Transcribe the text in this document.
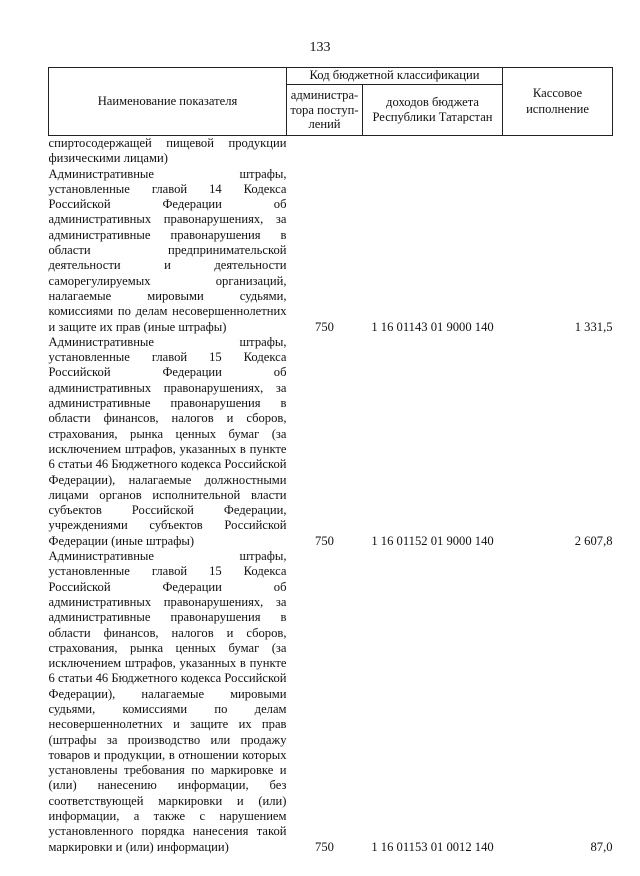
133
Наименование показателя	Код бюджетной классификации		Кассовое исполнение
	администра-тора поступ-лений	доходов бюджета Республики Татарстан	
спиртосодержащей пищевой продукции физическими лицами)			
Административные штрафы, установленные главой 14 Кодекса Российской Федерации об административных правонарушениях, за административные правонарушения в области предпринимательской деятельности и деятельности саморегулируемых организаций, налагаемые мировыми судьями, комиссиями по делам несовершеннолетних и защите их прав (иные штрафы)	750	1 16 01143 01 9000 140	1 331,5
Административные штрафы, установленные главой 15 Кодекса Российской Федерации об административных правонарушениях, за административные правонарушения в области финансов, налогов и сборов, страхования, рынка ценных бумаг (за исключением штрафов, указанных в пункте 6 статьи 46 Бюджетного кодекса Российской Федерации), налагаемые должностными лицами органов исполнительной власти субъектов Российской Федерации, учреждениями субъектов Российской Федерации (иные штрафы)	750	1 16 01152 01 9000 140	2 607,8
Административные штрафы, установленные главой 15 Кодекса Российской Федерации об административных правонарушениях, за административные правонарушения в области финансов, налогов и сборов, страхования, рынка ценных бумаг (за исключением штрафов, указанных в пункте 6 статьи 46 Бюджетного кодекса Российской Федерации), налагаемые мировыми судьями, комиссиями по делам несовершеннолетних и защите их прав (штрафы за производство или продажу товаров и продукции, в отношении которых установлены требования по маркировке и (или) нанесению информации, без соответствующей маркировки и (или) информации, а также с нарушением установленного порядка нанесения такой маркировки и (или) информации)	750	1 16 01153 01 0012 140	87,0
